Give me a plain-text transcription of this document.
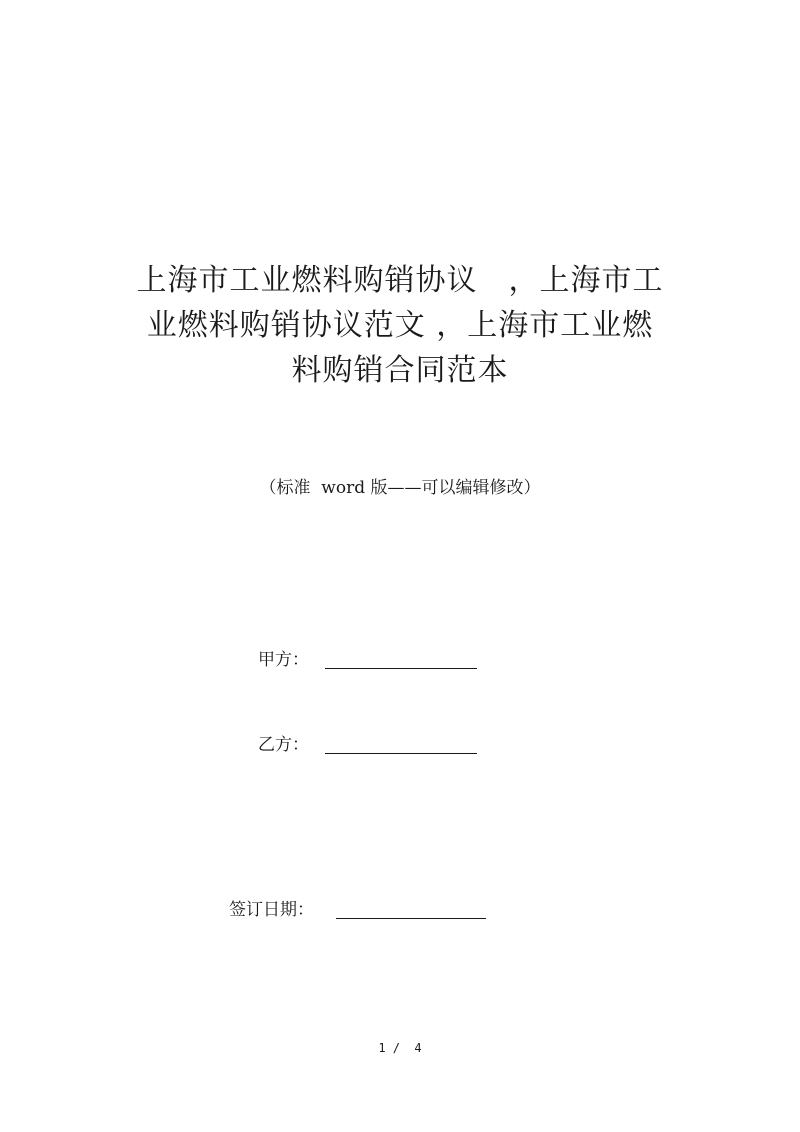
上海市工业燃料购销协议　，上海市工
业燃料购销协议范文 ，上海市工业燃
料购销合同范本
（标准  word 版——可以编辑修改）
甲方：
乙方：
签订日期：
1 /  4
